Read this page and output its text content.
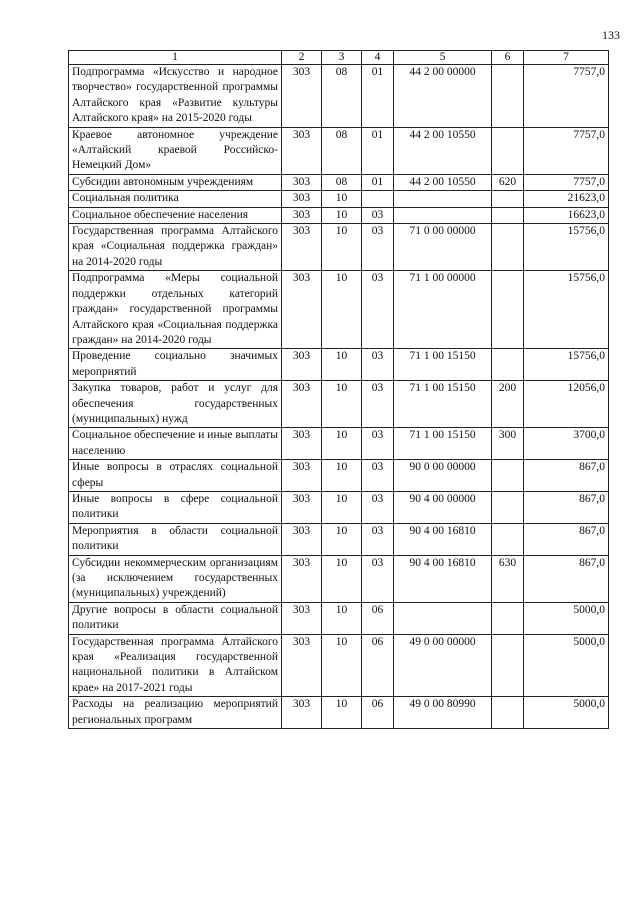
133
1	2	3	4	5	6	7
Подпрограмма «Искусство и народное творчество» государственной программы Алтайского края «Развитие культуры Алтайского края» на 2015-2020 годы	303	08	01	44 2 00 00000		7757,0
Краевое автономное учреждение «Алтайский краевой Российско-Немецкий Дом»	303	08	01	44 2 00 10550		7757,0
Субсидии автономным учреждениям	303	08	01	44 2 00 10550	620	7757,0
Социальная политика	303	10				21623,0
Социальное обеспечение населения	303	10	03			16623,0
Государственная программа Алтайского края «Социальная поддержка граждан» на 2014-2020 годы	303	10	03	71 0 00 00000		15756,0
Подпрограмма «Меры социальной поддержки отдельных категорий граждан» государственной программы Алтайского края «Социальная поддержка граждан» на 2014-2020 годы	303	10	03	71 1 00 00000		15756,0
Проведение социально значимых мероприятий	303	10	03	71 1 00 15150		15756,0
Закупка товаров, работ и услуг для обеспечения государственных (муниципальных) нужд	303	10	03	71 1 00 15150	200	12056,0
Социальное обеспечение и иные выплаты населению	303	10	03	71 1 00 15150	300	3700,0
Иные вопросы в отраслях социальной сферы	303	10	03	90 0 00 00000		867,0
Иные вопросы в сфере социальной политики	303	10	03	90 4 00 00000		867,0
Мероприятия в области социальной политики	303	10	03	90 4 00 16810		867,0
Субсидии некоммерческим организациям (за исключением государственных (муниципальных) учреждений)	303	10	03	90 4 00 16810	630	867,0
Другие вопросы в области социальной политики	303	10	06			5000,0
Государственная программа Алтайского края «Реализация государственной национальной политики в Алтайском крае» на 2017-2021 годы	303	10	06	49 0 00 00000		5000,0
Расходы на реализацию мероприятий региональных программ	303	10	06	49 0 00 80990		5000,0
